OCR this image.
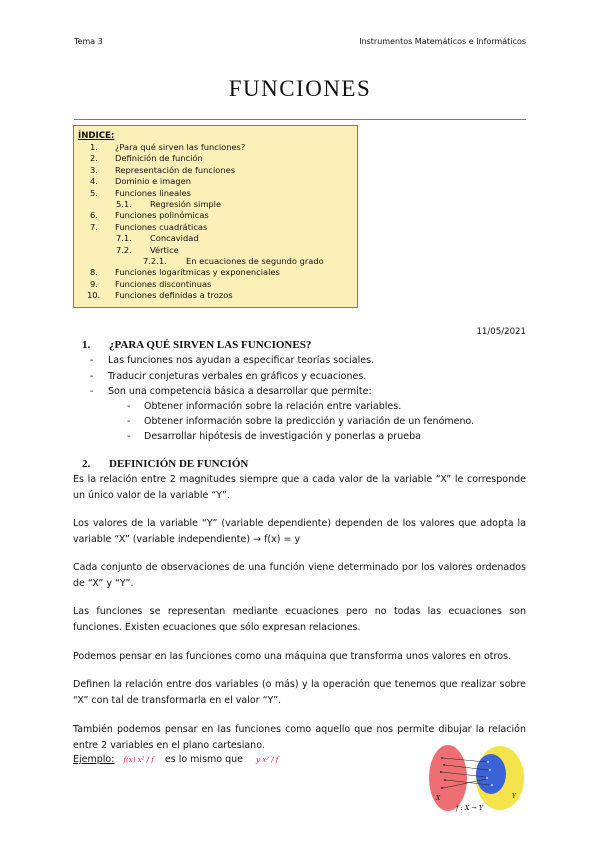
Tema 3	Instrumentos Matemáticos e Informáticos
FUNCIONES
ÍNDICE:
1. ¿Para qué sirven las funciones?
2. Definición de función
3. Representación de funciones
4. Dominio e imagen
5. Funciones lineales
5.1. Regresión simple
6. Funciones polinómicas
7. Funciones cuadráticas
7.1. Concavidad
7.2. Vértice
7.2.1. En ecuaciones de segundo grado
8. Funciones logarítmicas y exponenciales
9. Funciones discontinuas
10. Funciones definidas a trozos
11/05/2021
1. ¿PARA QUÉ SIRVEN LAS FUNCIONES?
- Las funciones nos ayudan a especificar teorías sociales.
- Traducir conjeturas verbales en gráficos y ecuaciones.
- Son una competencia básica a desarrollar que permite:
- Obtener información sobre la relación entre variables.
- Obtener información sobre la predicción y variación de un fenómeno.
- Desarrollar hipótesis de investigación y ponerlas a prueba
2. DEFINICIÓN DE FUNCIÓN
Es la relación entre 2 magnitudes siempre que a cada valor de la variable “X” le corresponde un único valor de la variable “Y”.
Los valores de la variable “Y” (variable dependiente) dependen de los valores que adopta la variable “X” (variable independiente) → f(x) = y
Cada conjunto de observaciones de una función viene determinado por los valores ordenados de “X” y “Y”.
Las funciones se representan mediante ecuaciones pero no todas las ecuaciones son funciones. Existen ecuaciones que sólo expresan relaciones.
Podemos pensar en las funciones como una máquina que transforma unos valores en otros.
Definen la relación entre dos variables (o más) y la operación que tenemos que realizar sobre “X” con tal de transformarla en el valor “Y”.
También podemos pensar en las funciones como aquello que nos permite dibujar la relación entre 2 variables en el plano cartesiano.
Ejemplo: f(x) x² / f es lo mismo que y x² / f
X	Y
f : X → Y
